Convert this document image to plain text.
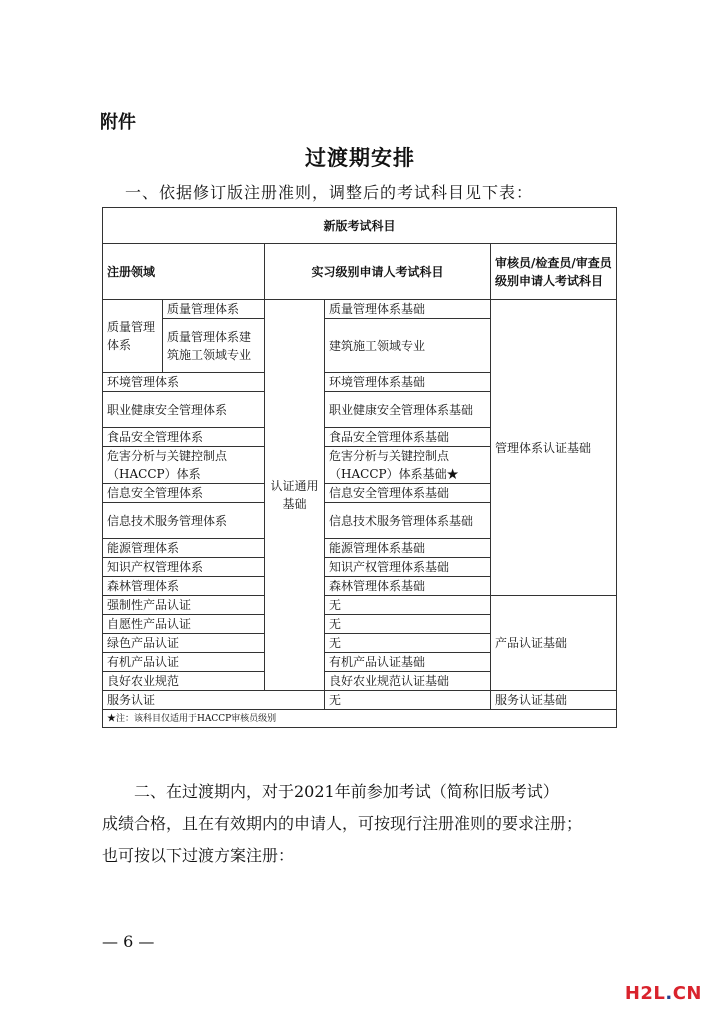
附件
过渡期安排
一、依据修订版注册准则，调整后的考试科目见下表：
新版考试科目				
注册领域		实习级别申请人考试科目		审核员/检查员/审查员级别申请人考试科目
质量管理体系	质量管理体系	认证通用基础	质量管理体系基础	管理体系认证基础
	质量管理体系建筑施工领域专业		建筑施工领域专业	
环境管理体系			环境管理体系基础	
职业健康安全管理体系			职业健康安全管理体系基础	
食品安全管理体系			食品安全管理体系基础	
危害分析与关键控制点（HACCP）体系			危害分析与关键控制点（HACCP）体系基础★	
信息安全管理体系			信息安全管理体系基础	
信息技术服务管理体系			信息技术服务管理体系基础	
能源管理体系			能源管理体系基础	
知识产权管理体系			知识产权管理体系基础	
森林管理体系			森林管理体系基础	
强制性产品认证			无	产品认证基础
自愿性产品认证			无	
绿色产品认证			无	
有机产品认证			有机产品认证基础	
良好农业规范			良好农业规范认证基础	
服务认证			无	服务认证基础
★注：该科目仅适用于HACCP审核员级别				
二、在过渡期内，对于2021年前参加考试（简称旧版考试）
成绩合格，且在有效期内的申请人，可按现行注册准则的要求注册；
也可按以下过渡方案注册：
— 6 —
H2L.CN
